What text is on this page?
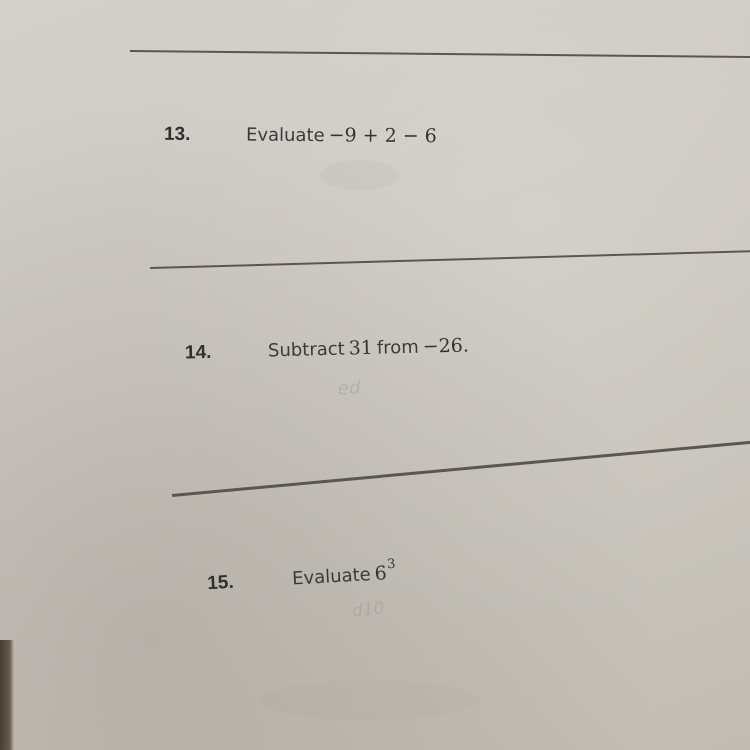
13.	Evaluate −9 + 2 − 6
14.	Subtract 31 from −26.
ed
15.	Evaluate $6^3$
d10
